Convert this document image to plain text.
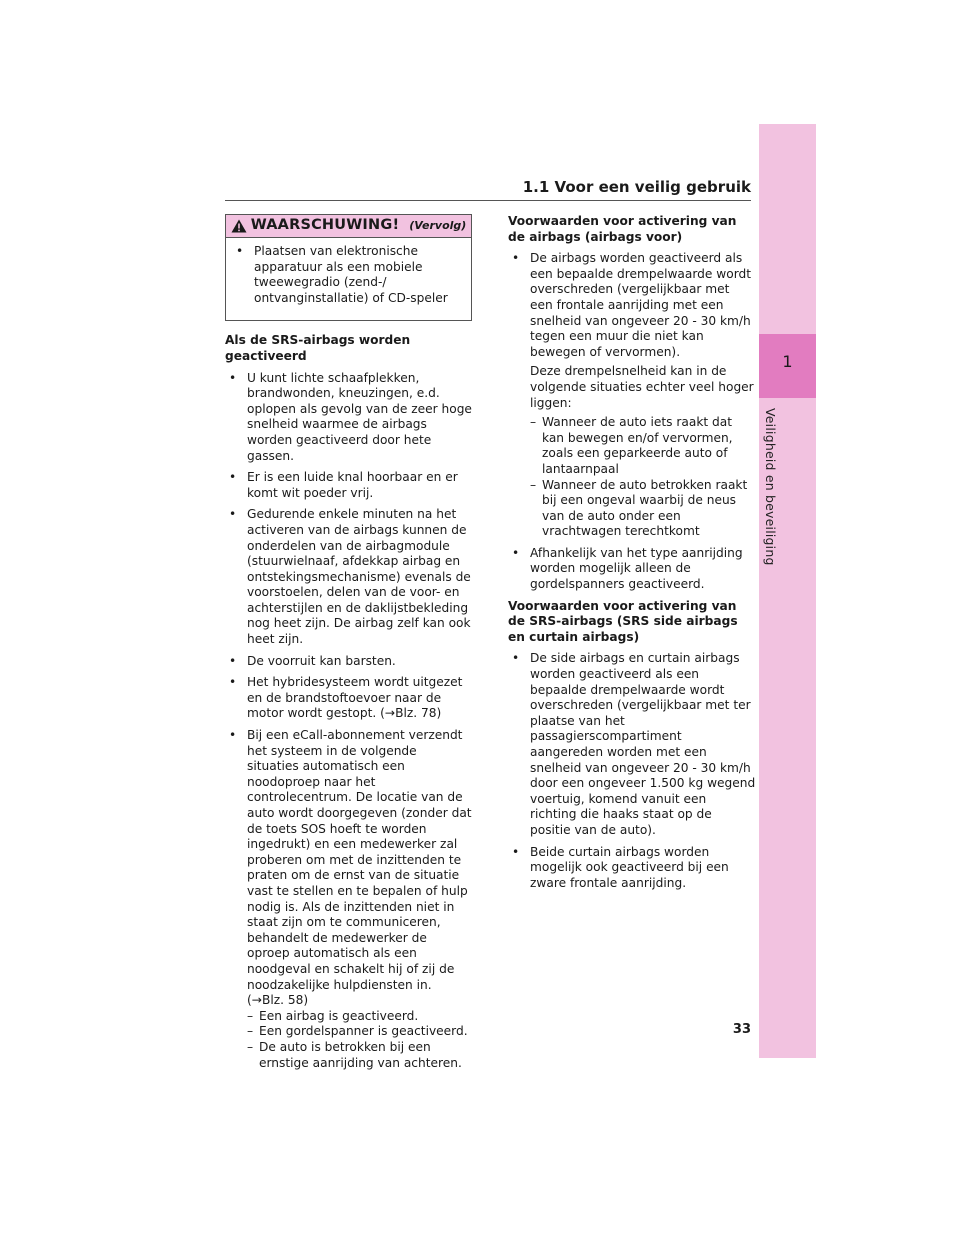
1
Veiligheid en beveiliging
1.1 Voor een veilig gebruik
WAARSCHUWING! (Vervolg)
• Plaatsen van elektronische apparatuur als een mobiele tweewegradio (zend-/ ontvanginstallatie) of CD-speler
Als de SRS-airbags worden geactiveerd
• U kunt lichte schaafplekken, brandwonden, kneuzingen, e.d. oplopen als gevolg van de zeer hoge snelheid waarmee de airbags worden geactiveerd door hete gassen.
• Er is een luide knal hoorbaar en er komt wit poeder vrij.
• Gedurende enkele minuten na het activeren van de airbags kunnen de onderdelen van de airbagmodule (stuurwielnaaf, afdekkap airbag en ontstekingsmechanisme) evenals de voorstoelen, delen van de voor- en achterstijlen en de daklijstbekleding nog heet zijn. De airbag zelf kan ook heet zijn.
• De voorruit kan barsten.
• Het hybridesysteem wordt uitgezet en de brandstoftoevoer naar de motor wordt gestopt. (→Blz. 78)
• Bij een eCall-abonnement verzendt het systeem in de volgende situaties automatisch een noodoproep naar het controlecentrum. De locatie van de auto wordt doorgegeven (zonder dat de toets SOS hoeft te worden ingedrukt) en een medewerker zal proberen om met de inzittenden te praten om de ernst van de situatie vast te stellen en te bepalen of hulp nodig is. Als de inzittenden niet in staat zijn om te communiceren, behandelt de medewerker de oproep automatisch als een noodgeval en schakelt hij of zij de noodzakelijke hulpdiensten in. (→Blz. 58)
– Een airbag is geactiveerd.
– Een gordelspanner is geactiveerd.
– De auto is betrokken bij een ernstige aanrijding van achteren.
Voorwaarden voor activering van de airbags (airbags voor)
• De airbags worden geactiveerd als een bepaalde drempelwaarde wordt overschreden (vergelijkbaar met een frontale aanrijding met een snelheid van ongeveer 20 - 30 km/h tegen een muur die niet kan bewegen of vervormen).
Deze drempelsnelheid kan in de volgende situaties echter veel hoger liggen:
– Wanneer de auto iets raakt dat kan bewegen en/of vervormen, zoals een geparkeerde auto of lantaarnpaal
– Wanneer de auto betrokken raakt bij een ongeval waarbij de neus van de auto onder een vrachtwagen terechtkomt
• Afhankelijk van het type aanrijding worden mogelijk alleen de gordelspanners geactiveerd.
Voorwaarden voor activering van de SRS-airbags (SRS side airbags en curtain airbags)
• De side airbags en curtain airbags worden geactiveerd als een bepaalde drempelwaarde wordt overschreden (vergelijkbaar met ter plaatse van het passagierscompartiment aangereden worden met een snelheid van ongeveer 20 - 30 km/h door een ongeveer 1.500 kg wegend voertuig, komend vanuit een richting die haaks staat op de positie van de auto).
• Beide curtain airbags worden mogelijk ook geactiveerd bij een zware frontale aanrijding.
33
